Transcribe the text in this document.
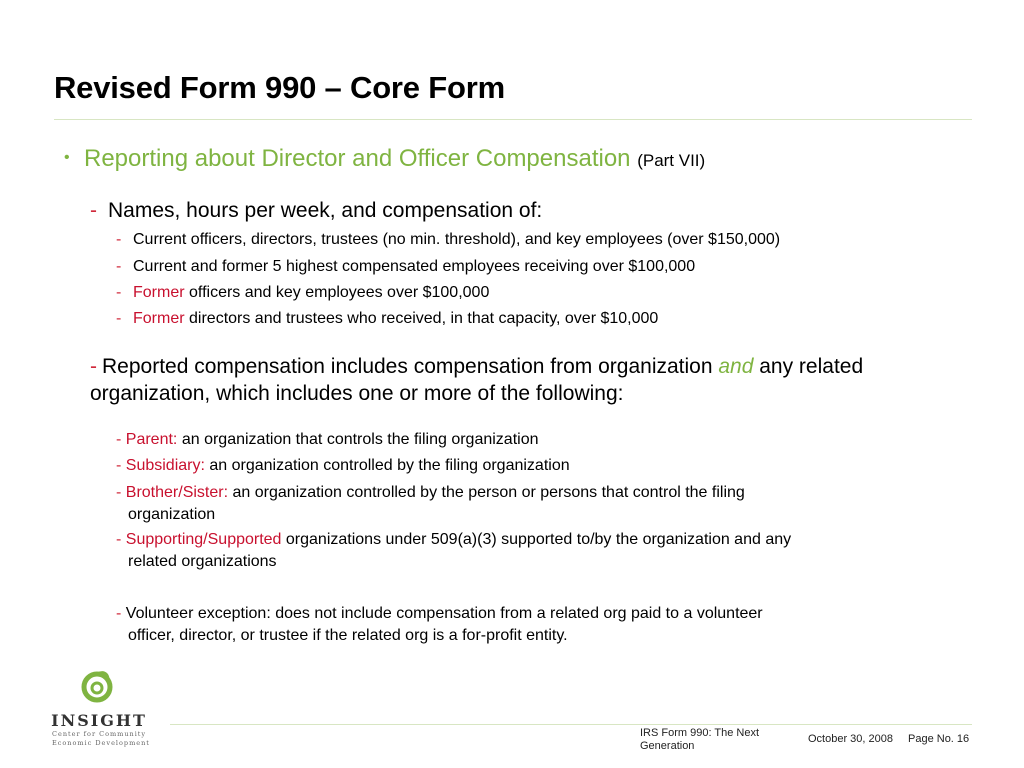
Revised Form 990 – Core Form
• Reporting about Director and Officer Compensation (Part VII)
- Names, hours per week, and compensation of:
- Current officers, directors, trustees (no min. threshold), and key employees (over $150,000)
- Current and former 5 highest compensated employees receiving over $100,000
- Former officers and key employees over $100,000
- Former directors and trustees who received, in that capacity, over $10,000
- Reported compensation includes compensation from organization and any related organization, which includes one or more of the following:
- Parent: an organization that controls the filing organization
- Subsidiary: an organization controlled by the filing organization
- Brother/Sister: an organization controlled by the person or persons that control the filing
organization
- Supporting/Supported organizations under 509(a)(3) supported to/by the organization and any
related organizations
- Volunteer exception: does not include compensation from a related org paid to a volunteer
officer, director, or trustee if the related org is a for-profit entity.
INSIGHT
Center for Community
Economic Development
IRS Form 990: The Next Generation
October 30, 2008 Page No. 16
